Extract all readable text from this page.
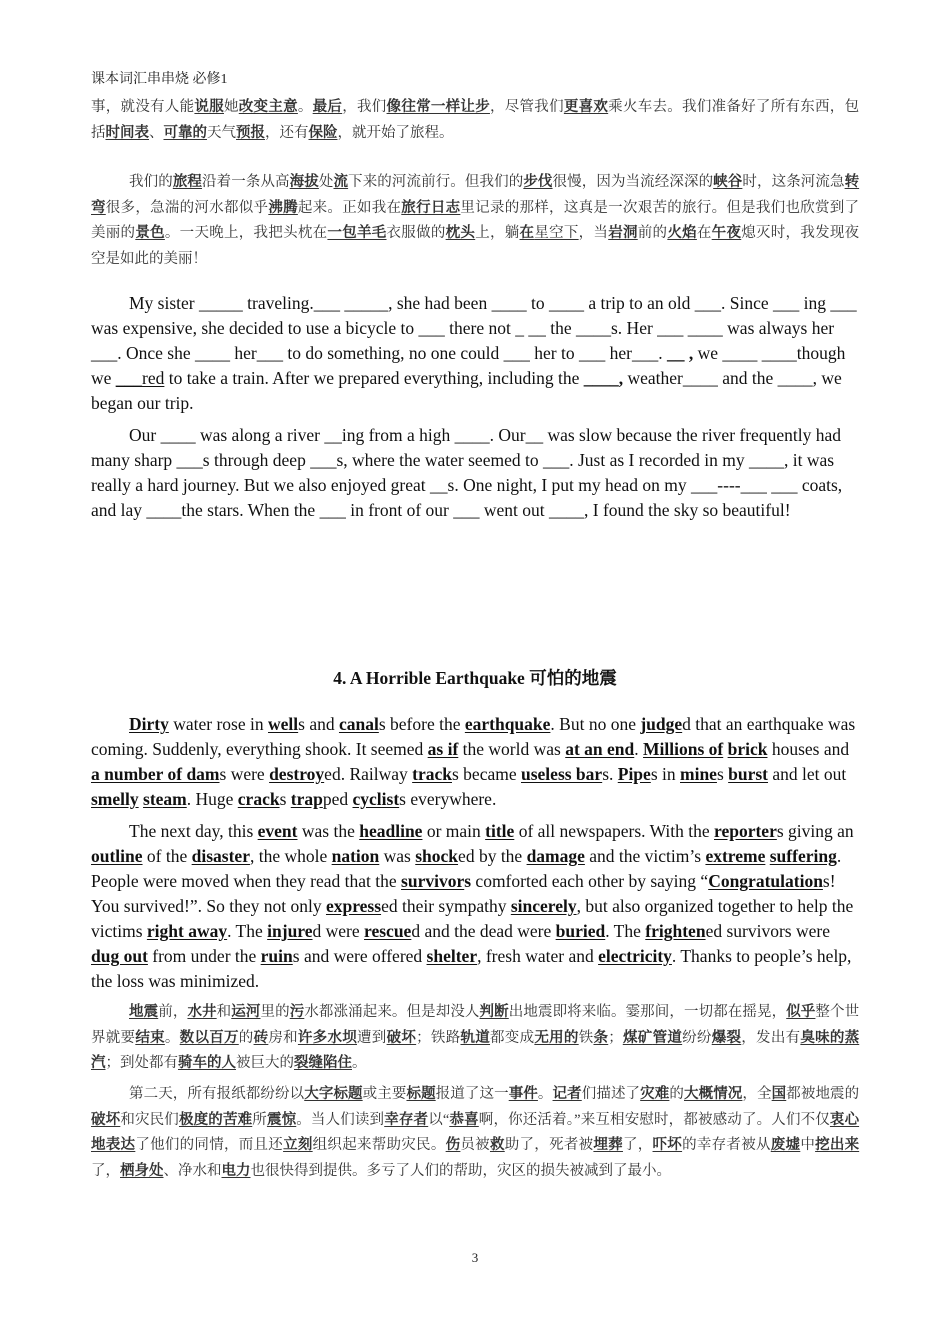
课本词汇串串烧 必修1

事，就没有人能说服她改变主意。最后，我们像往常一样让步，尽管我们更喜欢乘火车去。我们准备好了所有东西，包括时间表、可靠的天气预报，还有保险，就开始了旅程。

我们的旅程沿着一条从高海拔处流下来的河流前行。但我们的步伐很慢，因为当流经深深的峡谷时，这条河流急转弯很多，急湍的河水都似乎沸腾起来。正如我在旅行日志里记录的那样，这真是一次艰苦的旅行。但是我们也欣赏到了美丽的景色。一天晚上，我把头枕在一包羊毛衣服做的枕头上，躺在星空下，当岩洞前的火焰在午夜熄灭时，我发现夜空是如此的美丽！

My sister _____ traveling.___ _____, she had been ____ to ____ a trip to an old ___. Since ___ ing ___ was expensive, she decided to use a bicycle to ___ there not _ __ the ____s. Her ___ ____ was always her ___. Once she ____ her___ to do something, no one could ___ her to ___ her___. __ , we ____ ____though we ___red to take a train. After we prepared everything, including the ____, weather____ and the ____, we began our trip.

Our ____ was along a river __ing from a high ____. Our__ was slow because the river frequently had many sharp ___s through deep ___s, where the water seemed to ___. Just as I recorded in my ____, it was really a hard journey. But we also enjoyed great __s. One night, I put my head on my ___----___ ___ coats, and lay ____the stars. When the ___ in front of our ___ went out ____, I found the sky so beautiful!

4. A Horrible Earthquake 可怕的地震

Dirty water rose in wells and canals before the earthquake. But no one judged that an earthquake was coming. Suddenly, everything shook. It seemed as if the world was at an end. Millions of brick houses and a number of dams were destroyed. Railway tracks became useless bars. Pipes in mines burst and let out smelly steam. Huge cracks trapped cyclists everywhere.

The next day, this event was the headline or main title of all newspapers. With the reporters giving an outline of the disaster, the whole nation was shocked by the damage and the victim’s extreme suffering. People were moved when they read that the survivors comforted each other by saying “Congratulations! You survived!”. So they not only expressed their sympathy sincerely, but also organized together to help the victims right away. The injured were rescued and the dead were buried. The frightened survivors were dug out from under the ruins and were offered shelter, fresh water and electricity. Thanks to people’s help, the loss was minimized.

地震前，水井和运河里的污水都涨涌起来。但是却没人判断出地震即将来临。霎那间，一切都在摇晃，似乎整个世界就要结束。数以百万的砖房和许多水坝遭到破坏；铁路轨道都变成无用的铁条；煤矿管道纷纷爆裂，发出有臭味的蒸汽；到处都有骑车的人被巨大的裂缝陷住。

第二天，所有报纸都纷纷以大字标题或主要标题报道了这一事件。记者们描述了灾难的大概情况，全国都被地震的破坏和灾民们极度的苦难所震惊。当人们读到幸存者以“恭喜啊，你还活着。”来互相安慰时，都被感动了。人们不仅衷心地表达了他们的同情，而且还立刻组织起来帮助灾民。伤员被救助了，死者被埋葬了，吓坏的幸存者被从废墟中挖出来了，栖身处、净水和电力也很快得到提供。多亏了人们的帮助，灾区的损失被减到了最小。

3
